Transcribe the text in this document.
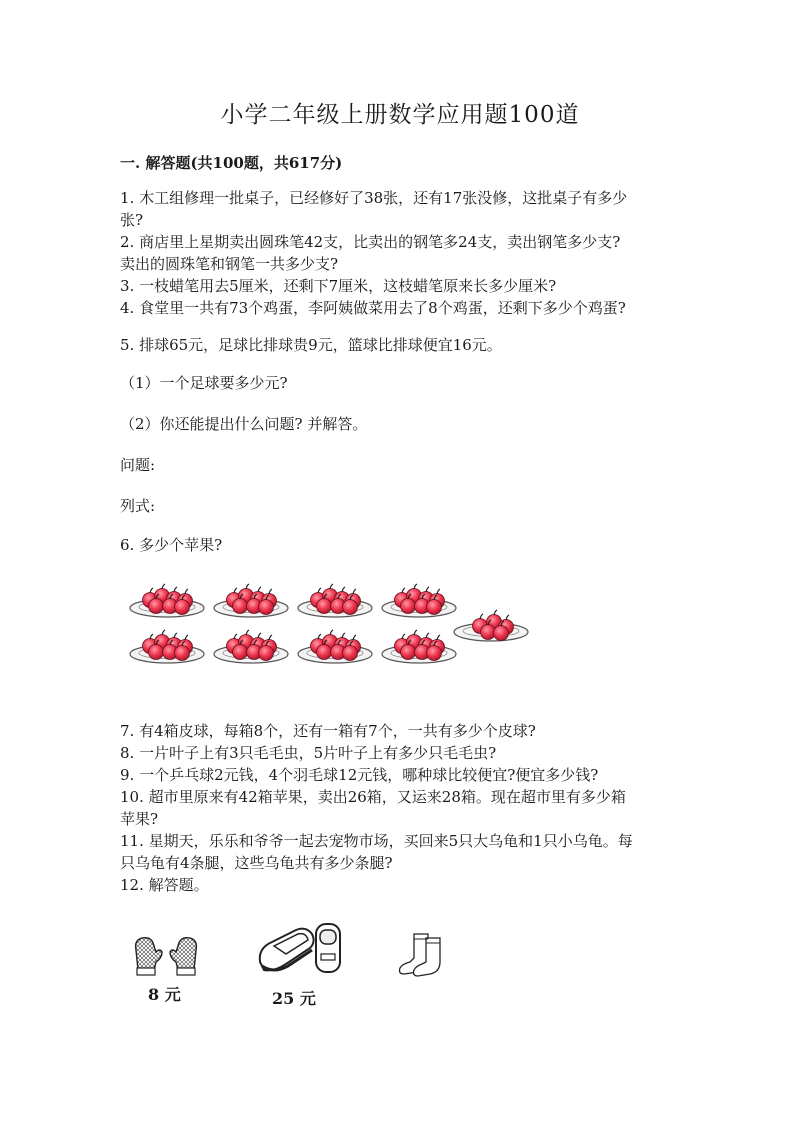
小学二年级上册数学应用题100道
一. 解答题(共100题，共617分)
1. 木工组修理一批桌子，已经修好了38张，还有17张没修，这批桌子有多少
张?
2. 商店里上星期卖出圆珠笔42支，比卖出的钢笔多24支，卖出钢笔多少支?
卖出的圆珠笔和钢笔一共多少支?
3. 一枝蜡笔用去5厘米，还剩下7厘米，这枝蜡笔原来长多少厘米?
4. 食堂里一共有73个鸡蛋，李阿姨做菜用去了8个鸡蛋，还剩下多少个鸡蛋?
5. 排球65元，足球比排球贵9元，篮球比排球便宜16元。
（1）一个足球要多少元?
（2）你还能提出什么问题? 并解答。
问题:
列式:
6. 多少个苹果?
7. 有4箱皮球，每箱8个，还有一箱有7个，一共有多少个皮球?
8. 一片叶子上有3只毛毛虫，5片叶子上有多少只毛毛虫?
9. 一个乒乓球2元钱，4个羽毛球12元钱，哪种球比较便宜?便宜多少钱?
10. 超市里原来有42箱苹果，卖出26箱，又运来28箱。现在超市里有多少箱
苹果?
11. 星期天，乐乐和爷爷一起去宠物市场，买回来5只大乌龟和1只小乌龟。每
只乌龟有4条腿，这些乌龟共有多少条腿?
12. 解答题。
8 元	25 元
